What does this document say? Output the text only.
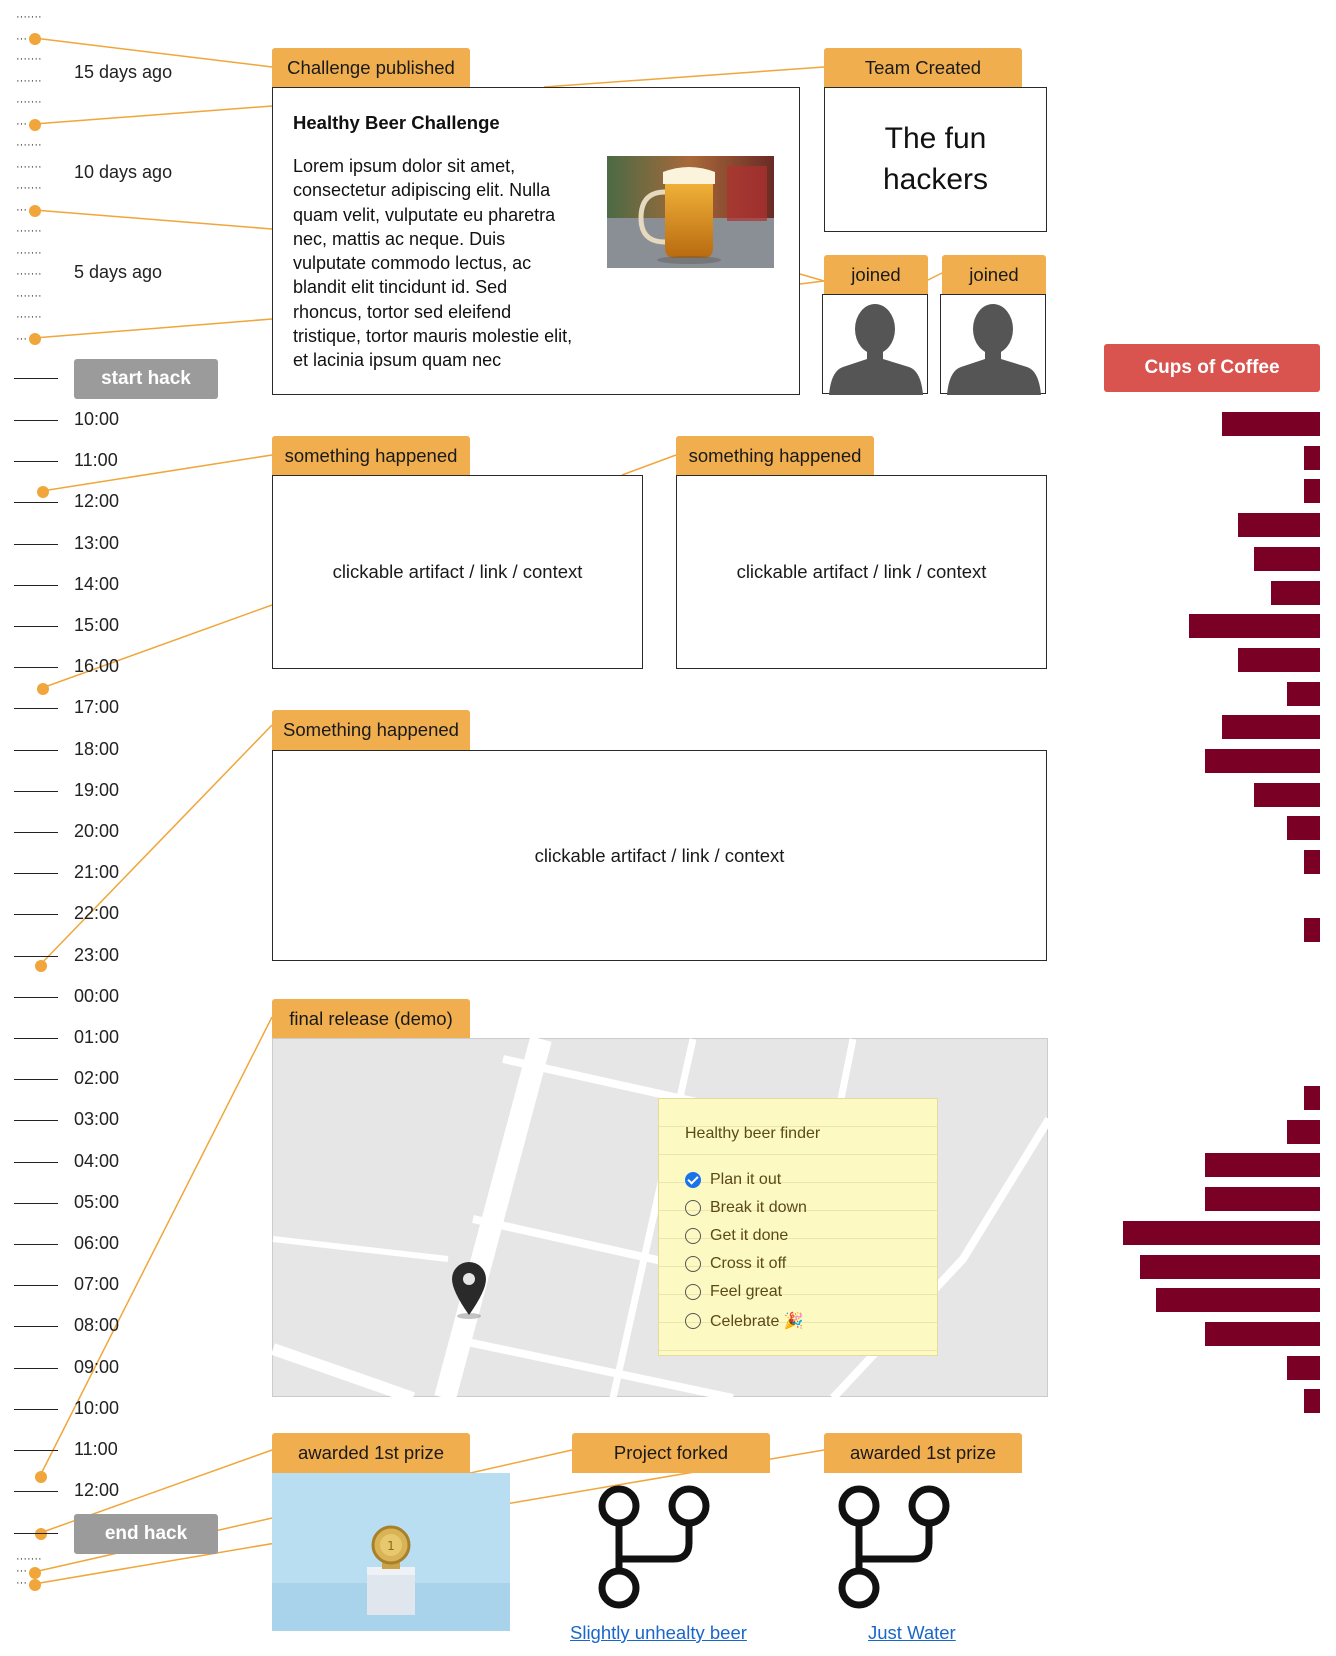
·······
···
·······
·······
·······
···
·······
·······
·······
···
·······
·······
·······
·······
·······
···
15 days ago
10 days ago
5 days ago
start hack
10:00
11:00
12:00
13:00
14:00
15:00
16:00
17:00
18:00
19:00
20:00
21:00
22:00
23:00
00:00
01:00
02:00
03:00
04:00
05:00
06:00
07:00
08:00
09:00
10:00
11:00
12:00
end hack
·······
···
···
Challenge published
Healthy Beer Challenge
Lorem ipsum dolor sit amet, consectetur adipiscing elit. Nulla quam velit, vulputate eu pharetra nec, mattis ac neque. Duis vulputate commodo lectus, ac blandit elit tincidunt id. Sed rhoncus, tortor sed eleifend tristique, tortor mauris molestie elit, et lacinia ipsum quam nec
Team Created
The fun
hackers
joined	joined
something happened
clickable artifact / link / context
something happened
clickable artifact / link / context
Something happened
clickable artifact / link / context
final release (demo)
Healthy beer finder
Plan it out
Break it down
Get it done
Cross it off
Feel great
Celebrate 🎉
awarded 1st prize
1
Project forked
Slightly unhealty beer
awarded 1st prize
Just Water
Cups of Coffee
